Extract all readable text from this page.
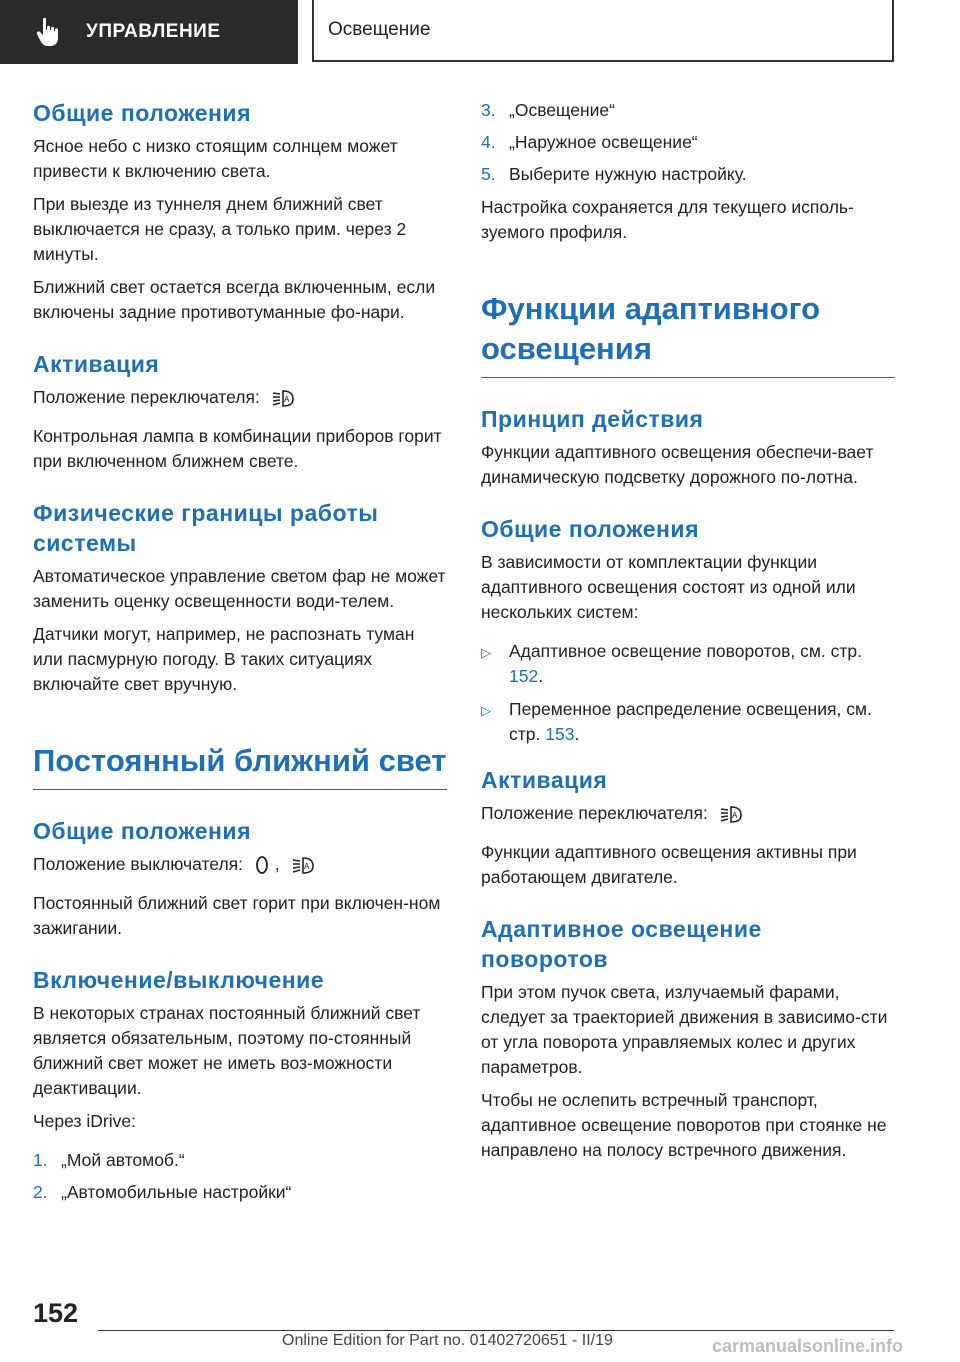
УПРАВЛЕНИЕ	Освещение
Общие положения

Ясное небо с низко стоящим солнцем может привести к включению света.

При выезде из туннеля днем ближний свет выключается не сразу, а только прим. через 2 минуты.

Ближний свет остается всегда включенным, если включены задние противотуманные фо-нари.

Активация

Положение переключателя:	A

Контрольная лампа в комбинации приборов горит при включенном ближнем свете.

Физические границы работы системы

Автоматическое управление светом фар не может заменить оценку освещенности води-телем.

Датчики могут, например, не распознать туман или пасмурную погоду. В таких ситуациях включайте свет вручную.

Постоянный ближний свет
Общие положения

Положение выключателя: ,	A

Постоянный ближний свет горит при включен-ном зажигании.

Включение/выключение

В некоторых странах постоянный ближний свет является обязательным, поэтому по-стоянный ближний свет может не иметь воз-можности деактивации.

Через iDrive:

1. „Мой автомоб.“
2. „Автомобильные настройки“
3. „Освещение“
4. „Наружное освещение“
5. Выберите нужную настройку.

Настройка сохраняется для текущего исполь-зуемого профиля.

Функции адаптивного освещения
Принцип действия

Функции адаптивного освещения обеспечи-вает динамическую подсветку дорожного по-лотна.

Общие положения

В зависимости от комплектации функции адаптивного освещения состоят из одной или нескольких систем:

▷	Адаптивное освещение поворотов, см. стр. 152.
▷	Переменное распределение освещения, см. стр. 153.
Активация

Положение переключателя:	A

Функции адаптивного освещения активны при работающем двигателе.

Адаптивное освещение поворотов

При этом пучок света, излучаемый фарами, следует за траекторией движения в зависимо-сти от угла поворота управляемых колес и других параметров.

Чтобы не ослепить встречный транспорт, адаптивное освещение поворотов при стоянке не направлено на полосу встречного движения.

152
Online Edition for Part no. 01402720651 - II/19	carmanualsonline.info
